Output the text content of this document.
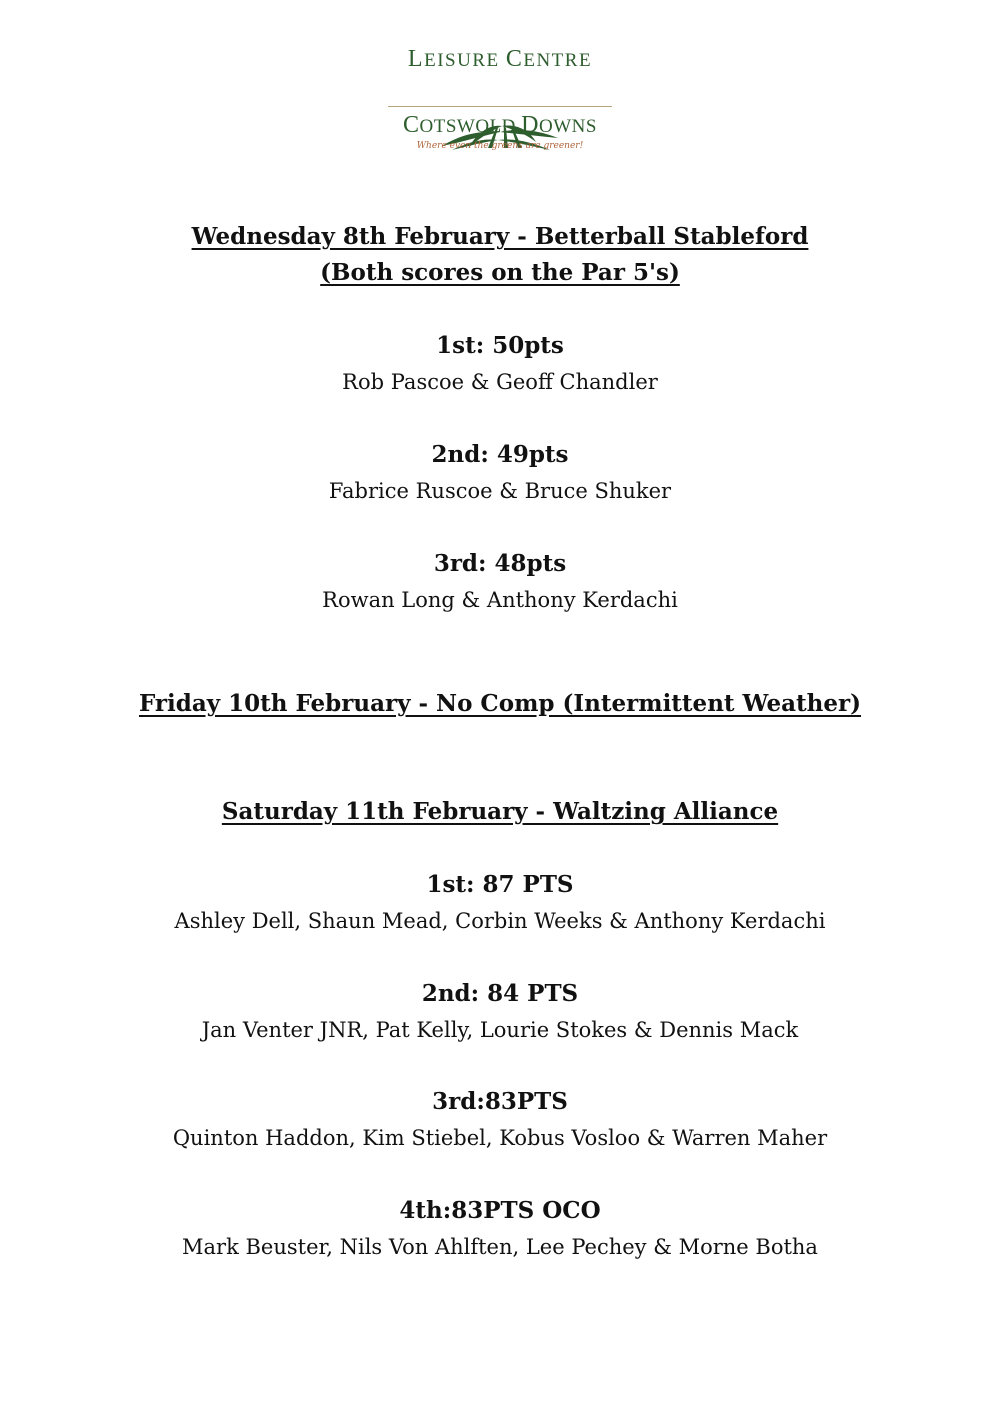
LEISURE CENTRE
COTSWOLD DOWNS
Where even the greens are greener!
Wednesday 8th February - Betterball Stableford
(Both scores on the Par 5's)
1st: 50pts
Rob Pascoe & Geoff Chandler
2nd: 49pts
Fabrice Ruscoe & Bruce Shuker
3rd: 48pts
Rowan Long & Anthony Kerdachi
Friday 10th February - No Comp (Intermittent Weather)
Saturday 11th February - Waltzing Alliance
1st: 87 PTS
Ashley Dell, Shaun Mead, Corbin Weeks & Anthony Kerdachi
2nd: 84 PTS
Jan Venter JNR, Pat Kelly, Lourie Stokes & Dennis Mack
3rd:83PTS
Quinton Haddon, Kim Stiebel, Kobus Vosloo & Warren Maher
4th:83PTS OCO
Mark Beuster, Nils Von Ahlften, Lee Pechey & Morne Botha
